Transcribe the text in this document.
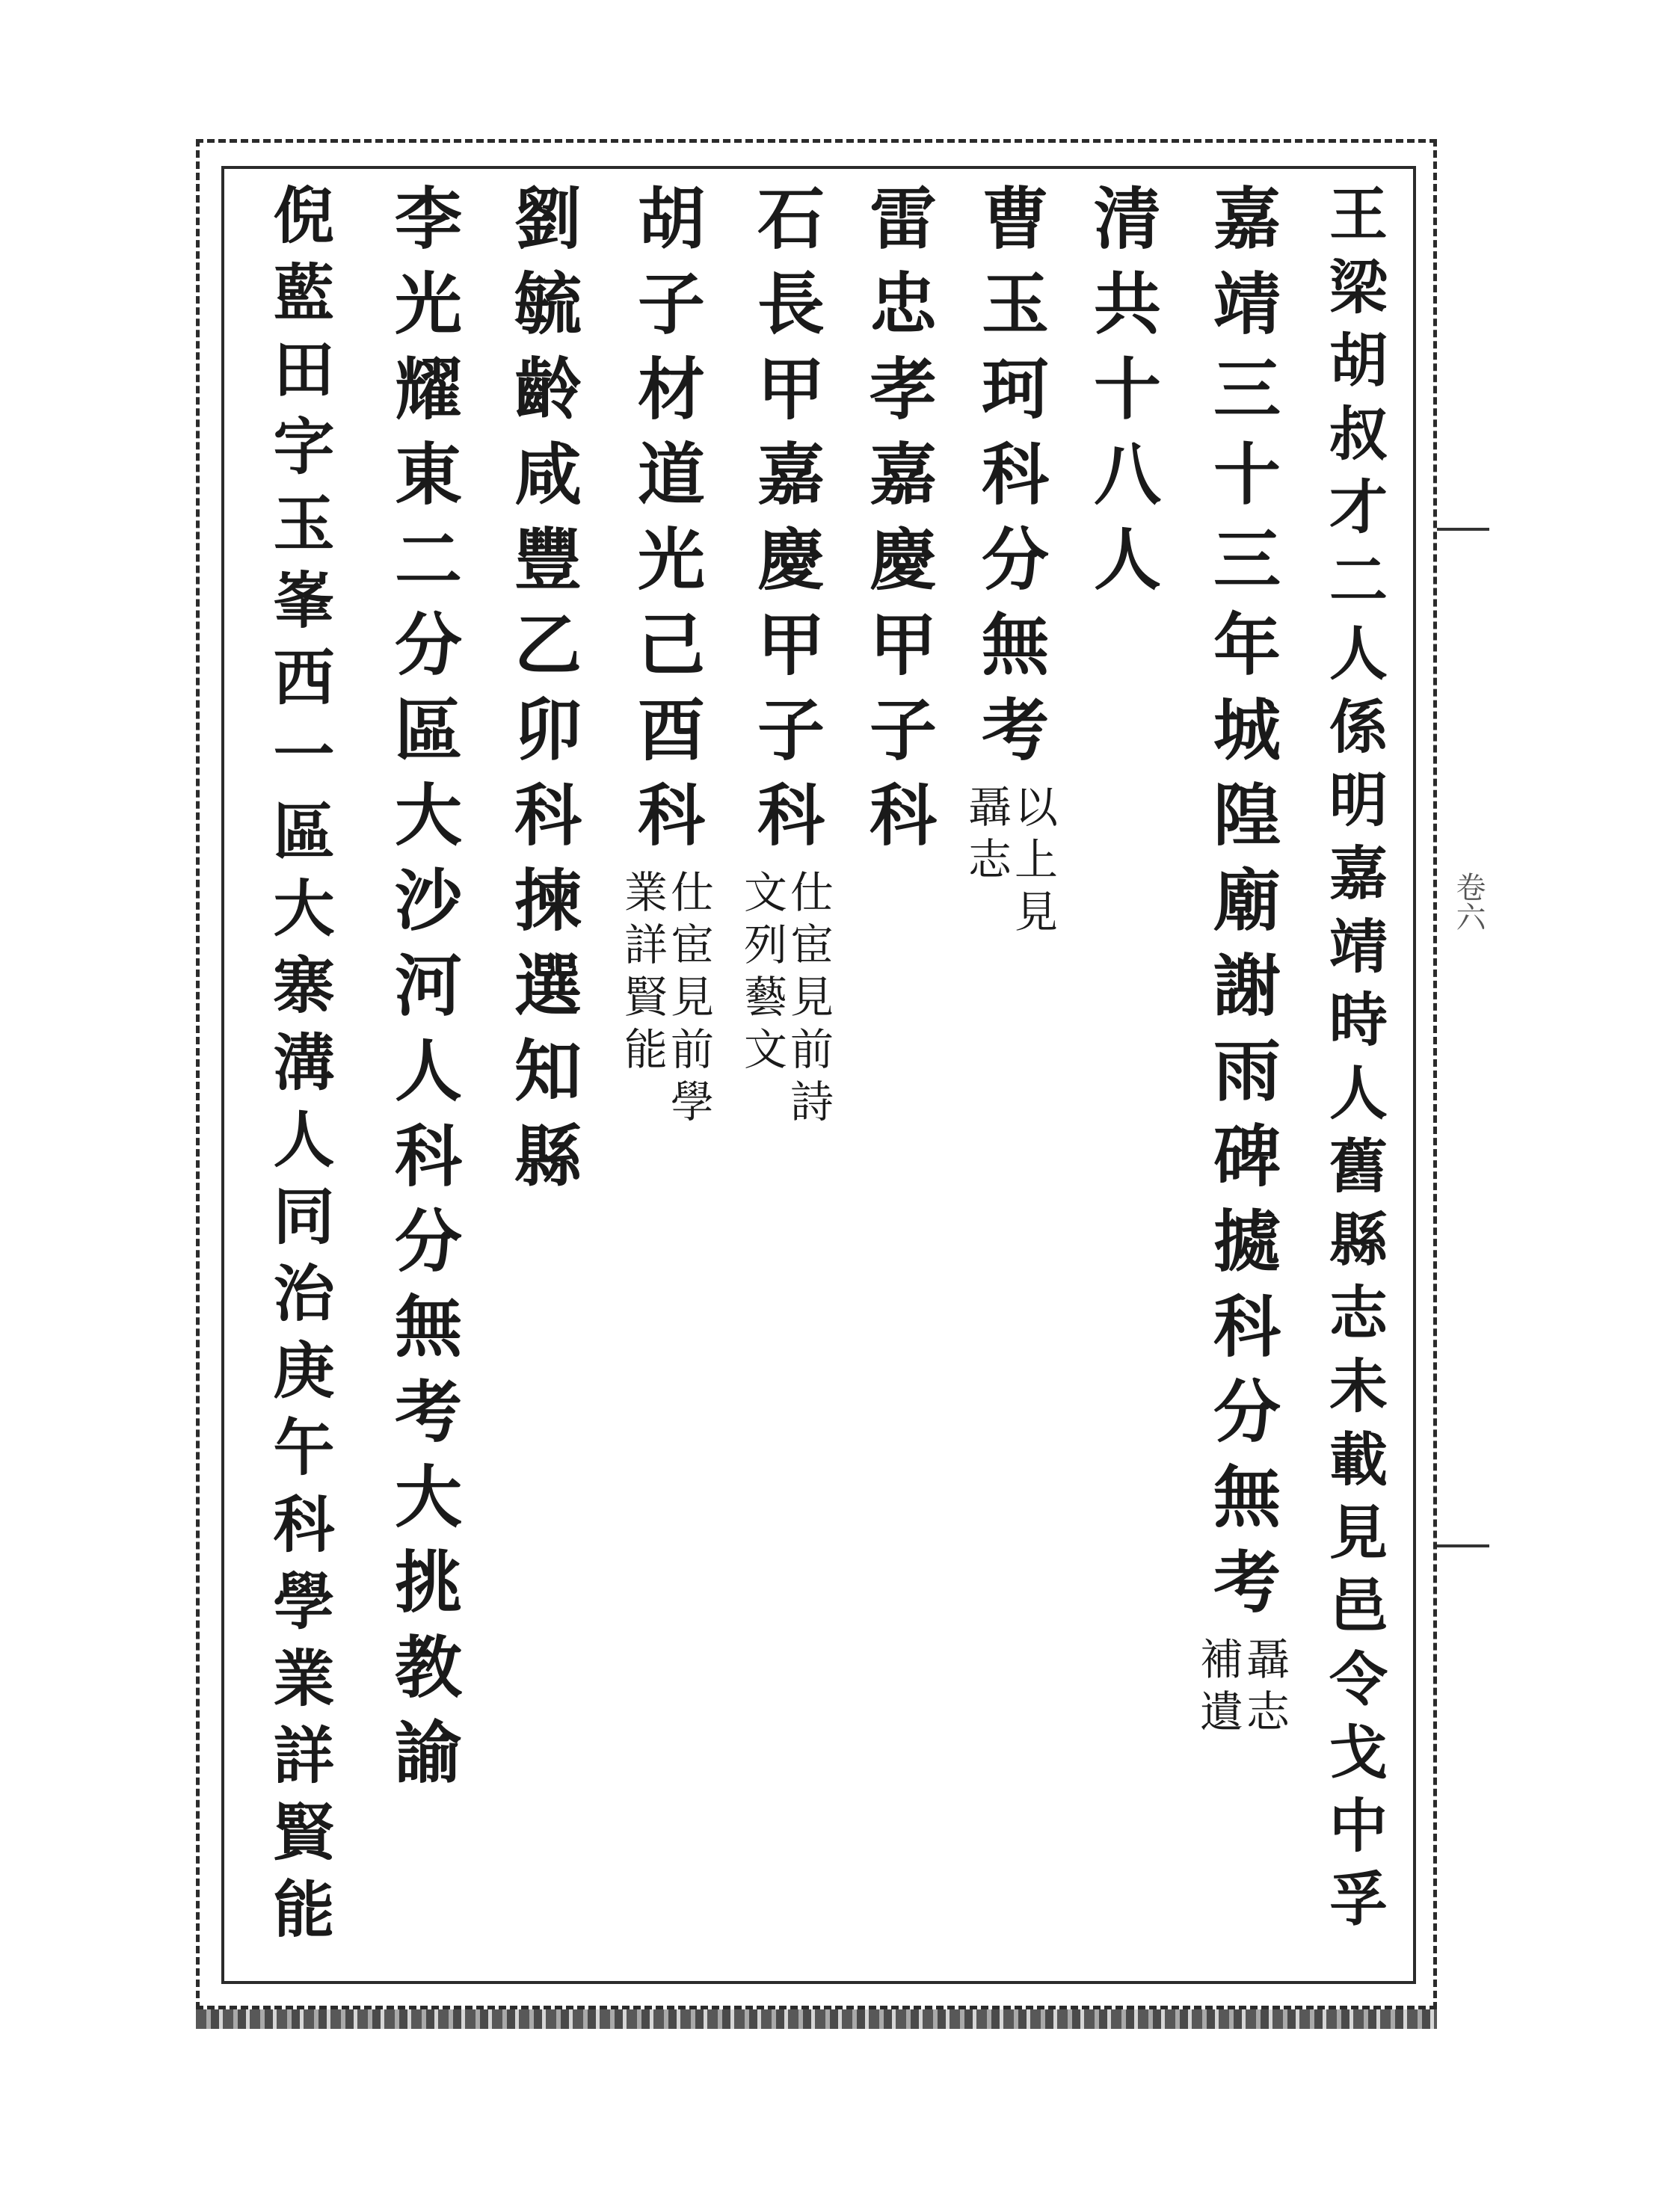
卷六
王梁胡叔才二人係明嘉靖時人舊縣志未載見邑令戈中孚
嘉靖三十三年城隍廟謝雨碑㨿科分無考
聶志
補遺
清共十八人
曹玉珂科分無考
以上見
聶志
雷忠孝嘉慶甲子科
石長甲嘉慶甲子科
仕宦見前詩
文列藝文
胡子材道光己酉科
仕宦見前學
業詳賢能
劉毓齡咸豐乙卯科揀選知縣
李光耀東二分區大沙河人科分無考大挑教諭
倪藍田字玉峯西一區大寨溝人同治庚午科學業詳賢能
